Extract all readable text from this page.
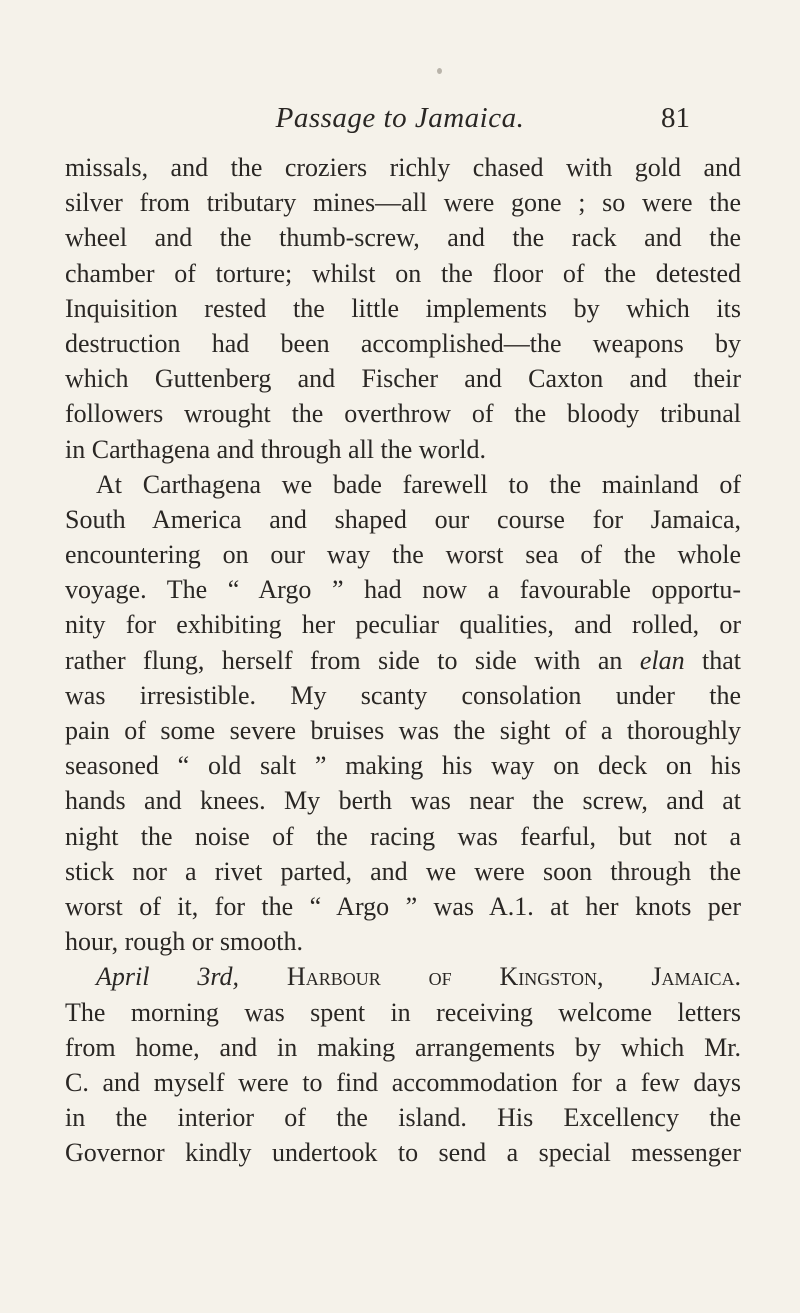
Passage to Jamaica.	81
missals, and the croziers richly chased with gold and
silver from tributary mines—all were gone ; so were the
wheel and the thumb-screw, and the rack and the
chamber of torture; whilst on the floor of the detested
Inquisition rested the little implements by which its
destruction had been accomplished—the weapons by
which Guttenberg and Fischer and Caxton and their
followers wrought the overthrow of the bloody tribunal
in Carthagena and through all the world.
At Carthagena we bade farewell to the mainland of
South America and shaped our course for Jamaica,
encountering on our way the worst sea of the whole
voyage. The “ Argo ” had now a favourable opportu-
nity for exhibiting her peculiar qualities, and rolled, or
rather flung, herself from side to side with an elan that
was irresistible. My scanty consolation under the
pain of some severe bruises was the sight of a thoroughly
seasoned “ old salt ” making his way on deck on his
hands and knees. My berth was near the screw, and at
night the noise of the racing was fearful, but not a
stick nor a rivet parted, and we were soon through the
worst of it, for the “ Argo ” was A.1. at her knots per
hour, rough or smooth.
April 3rd, Harbour of Kingston, Jamaica.
The morning was spent in receiving welcome letters
from home, and in making arrangements by which Mr.
C. and myself were to find accommodation for a few days
in the interior of the island. His Excellency the
Governor kindly undertook to send a special messenger
